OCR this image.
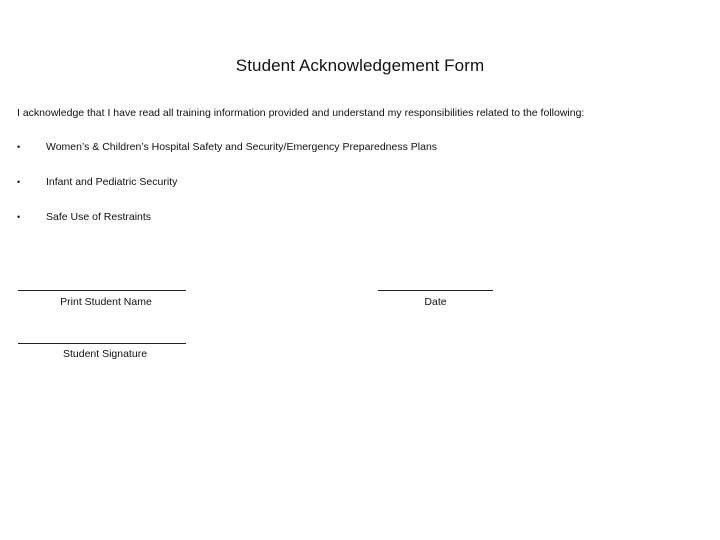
Student Acknowledgement Form
I acknowledge that I have read all training information provided and understand my responsibilities related to the following:
•	Women’s & Children’s Hospital Safety and Security/Emergency Preparedness Plans
•	Infant and Pediatric Security
•	Safe Use of Restraints
Print Student Name	Date
Student Signature
